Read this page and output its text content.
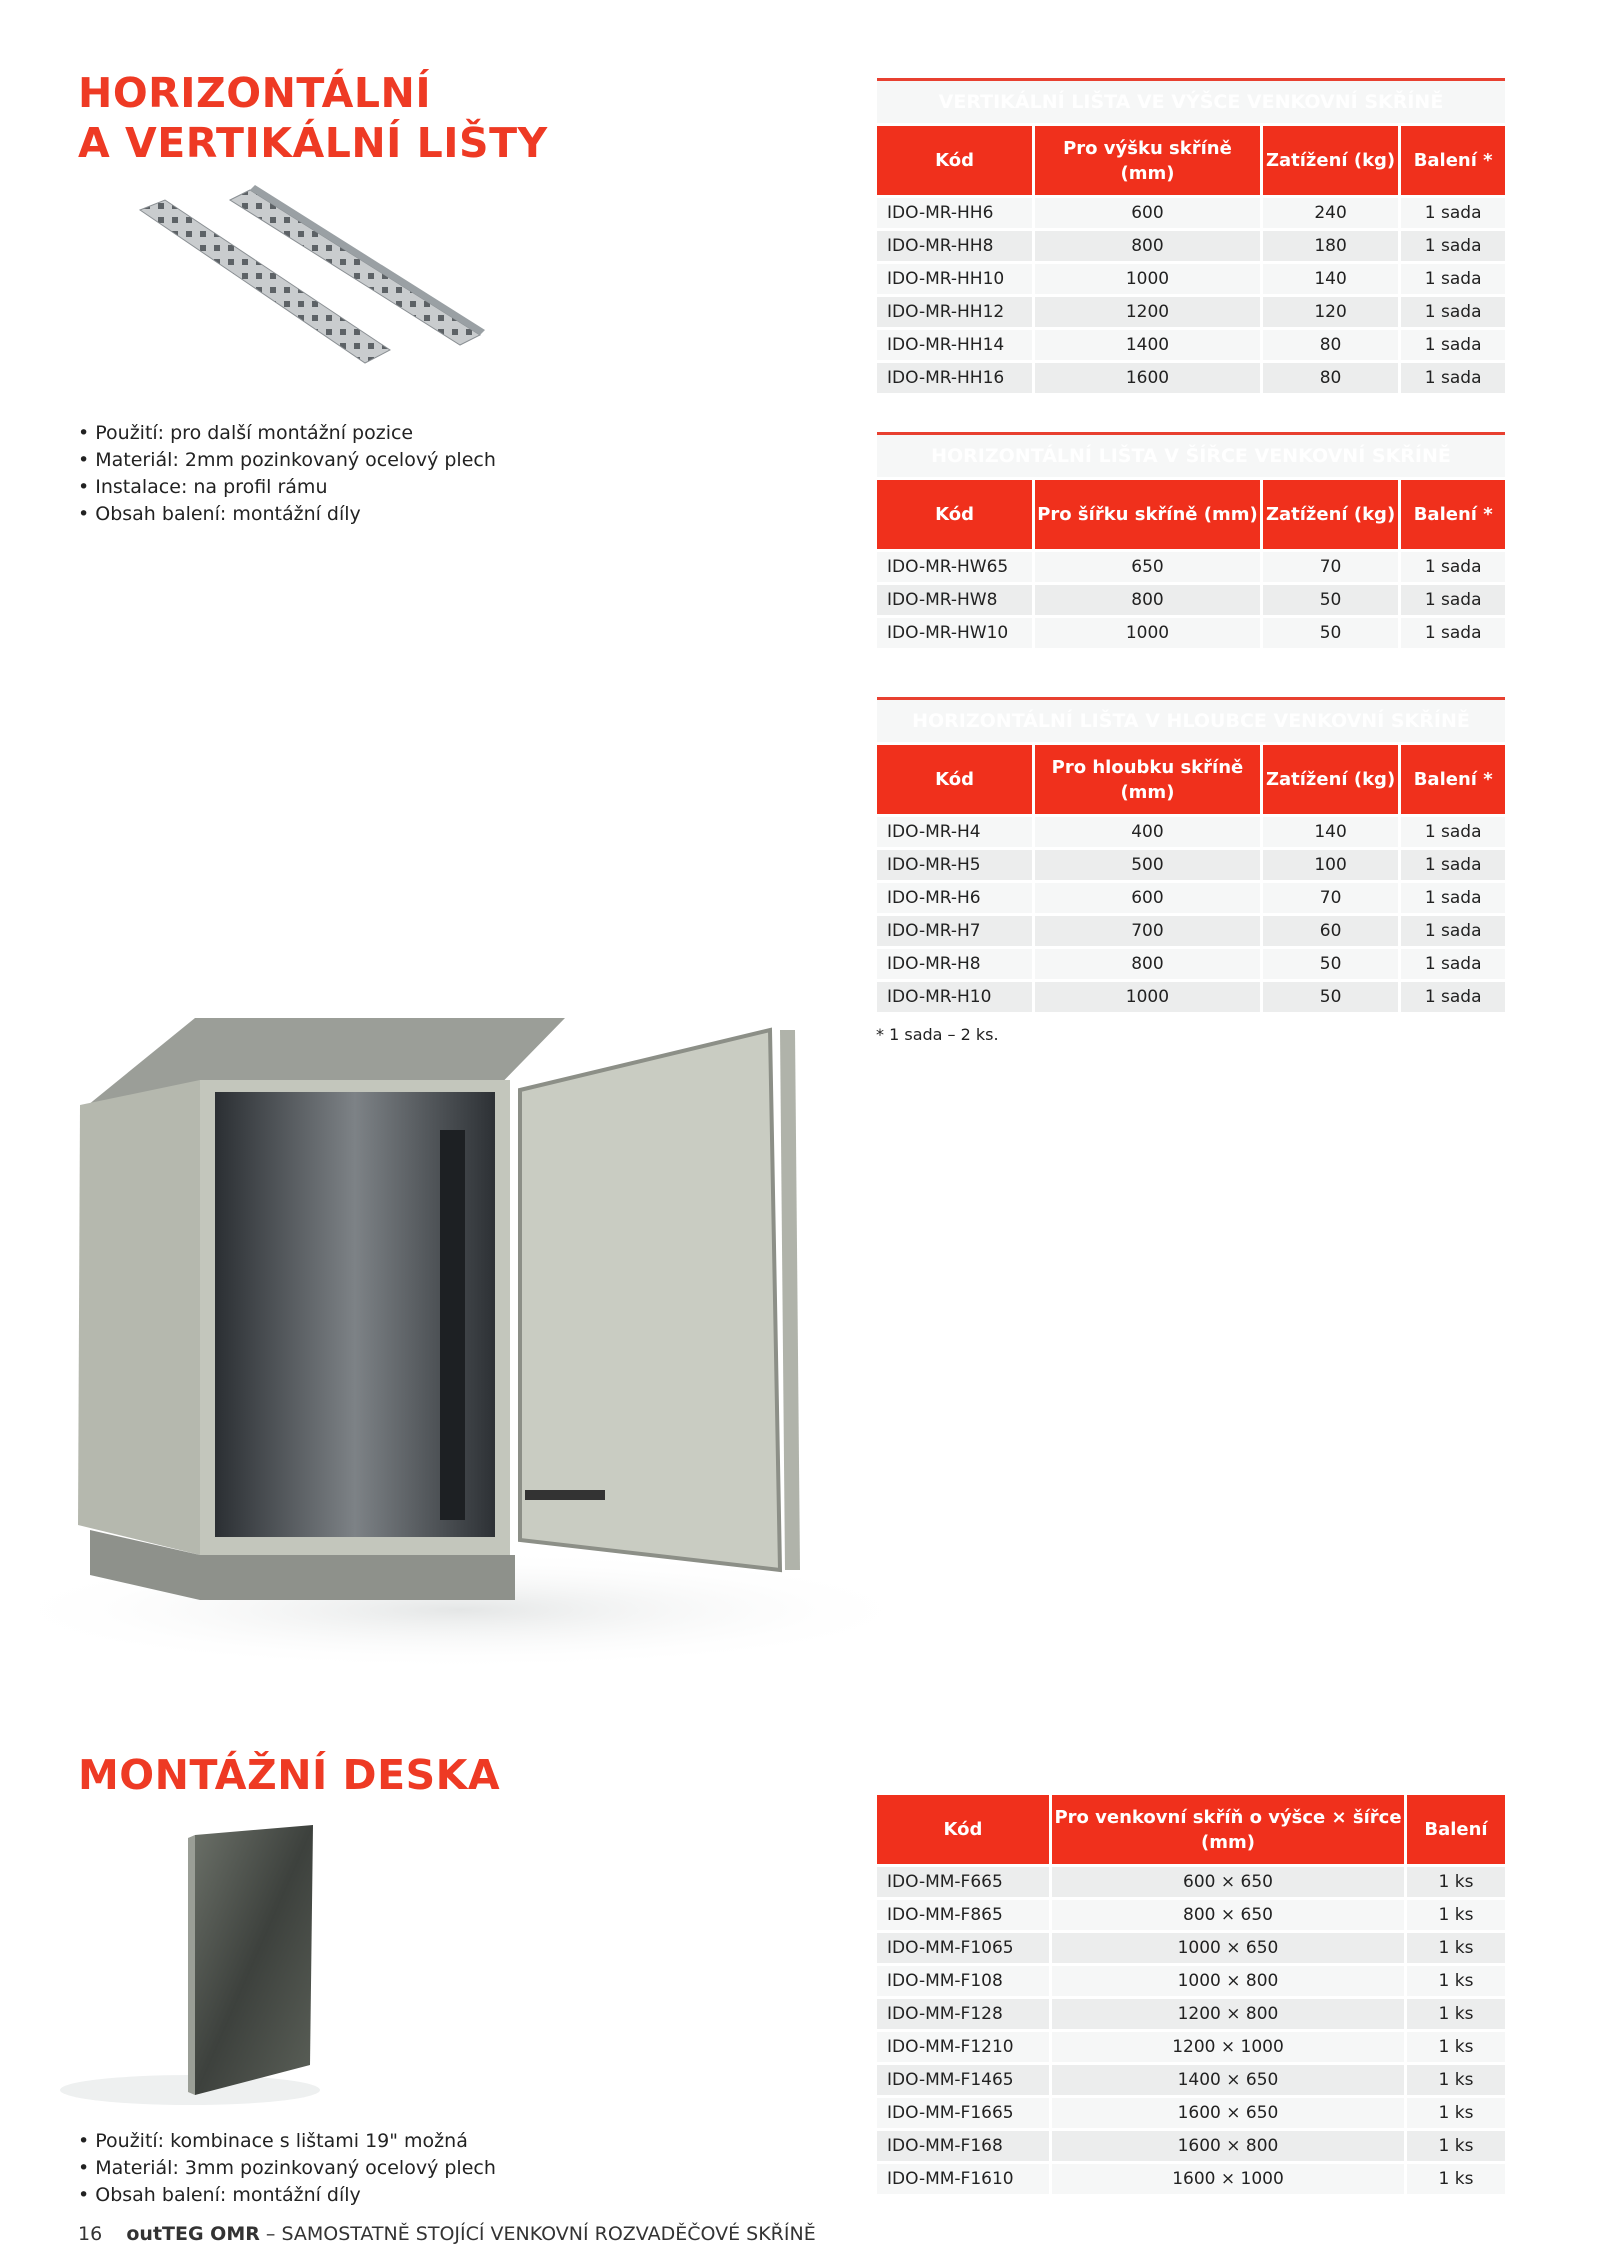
HORIZONTÁLNÍ
A VERTIKÁLNÍ LIŠTY
• Použití: pro další montážní pozice
• Materiál: 2mm pozinkovaný ocelový plech
• Instalace: na profil rámu
• Obsah balení: montážní díly
VERTIKÁLNÍ LIŠTA VE VÝŠCE VENKOVNÍ SKŘÍNĚ			
Kód	Pro výšku skříně (mm)	Zatížení (kg)	Balení *
IDO-MR-HH6	600	240	1 sada
IDO-MR-HH8	800	180	1 sada
IDO-MR-HH10	1000	140	1 sada
IDO-MR-HH12	1200	120	1 sada
IDO-MR-HH14	1400	80	1 sada
IDO-MR-HH16	1600	80	1 sada
HORIZONTÁLNÍ LIŠTA V ŠÍŘCE VENKOVNÍ SKŘÍNĚ			
Kód	Pro šířku skříně (mm)	Zatížení (kg)	Balení *
IDO-MR-HW65	650	70	1 sada
IDO-MR-HW8	800	50	1 sada
IDO-MR-HW10	1000	50	1 sada
HORIZONTÁLNÍ LIŠTA V HLOUBCE VENKOVNÍ SKŘÍNĚ			
Kód	Pro hloubku skříně (mm)	Zatížení (kg)	Balení *
IDO-MR-H4	400	140	1 sada
IDO-MR-H5	500	100	1 sada
IDO-MR-H6	600	70	1 sada
IDO-MR-H7	700	60	1 sada
IDO-MR-H8	800	50	1 sada
IDO-MR-H10	1000	50	1 sada
* 1 sada – 2 ks.
MONTÁŽNÍ DESKA
• Použití: kombinace s lištami 19" možná
• Materiál: 3mm pozinkovaný ocelový plech
• Obsah balení: montážní díly
Kód	Pro venkovní skříň o výšce × šířce (mm)	Balení
IDO-MM-F665	600 × 650	1 ks
IDO-MM-F865	800 × 650	1 ks
IDO-MM-F1065	1000 × 650	1 ks
IDO-MM-F108	1000 × 800	1 ks
IDO-MM-F128	1200 × 800	1 ks
IDO-MM-F1210	1200 × 1000	1 ks
IDO-MM-F1465	1400 × 650	1 ks
IDO-MM-F1665	1600 × 650	1 ks
IDO-MM-F168	1600 × 800	1 ks
IDO-MM-F1610	1600 × 1000	1 ks
16 outTEG OMR – SAMOSTATNĚ STOJÍCÍ VENKOVNÍ ROZVADĚČOVÉ SKŘÍNĚ
